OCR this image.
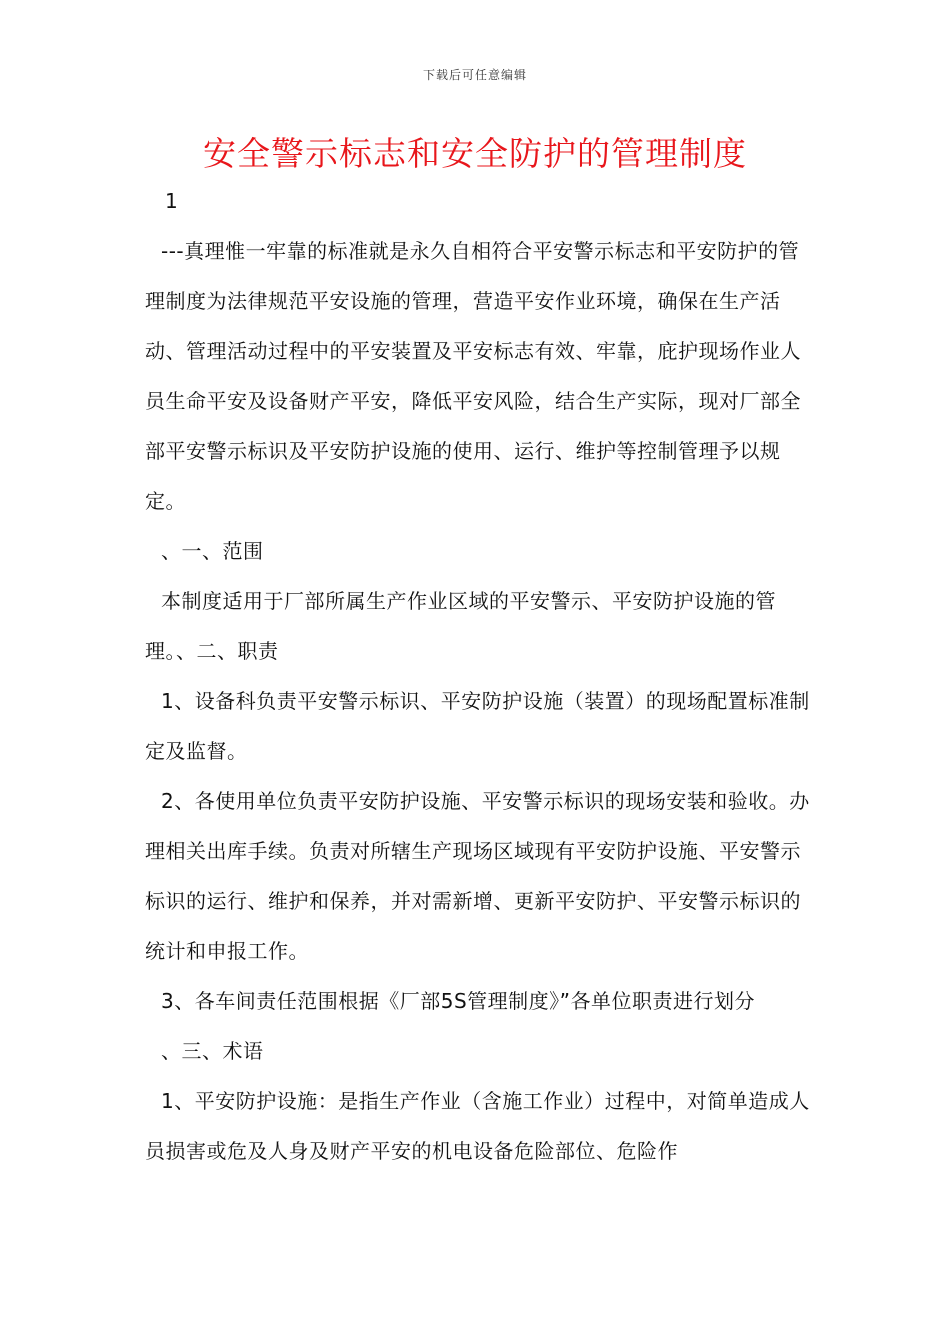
下载后可任意编辑
安全警示标志和安全防护的管理制度

1

---真理惟一牢靠的标准就是永久自相符合平安警示标志和平安防护的管理制度为法律规范平安设施的管理，营造平安作业环境，确保在生产活动、管理活动过程中的平安装置及平安标志有效、牢靠，庇护现场作业人员生命平安及设备财产平安，降低平安风险，结合生产实际，现对厂部全部平安警示标识及平安防护设施的使用、运行、维护等控制管理予以规定。

、一、范围

本制度适用于厂部所属生产作业区域的平安警示、平安防护设施的管理。、二、职责

1、设备科负责平安警示标识、平安防护设施（装置）的现场配置标准制定及监督。

2、各使用单位负责平安防护设施、平安警示标识的现场安装和验收。办理相关出库手续。负责对所辖生产现场区域现有平安防护设施、平安警示标识的运行、维护和保养，并对需新增、更新平安防护、平安警示标识的统计和申报工作。

3、各车间责任范围根据《厂部5S管理制度》”各单位职责进行划分

、三、术语

1、平安防护设施：是指生产作业（含施工作业）过程中，对简单造成人员损害或危及人身及财产平安的机电设备危险部位、危险作
